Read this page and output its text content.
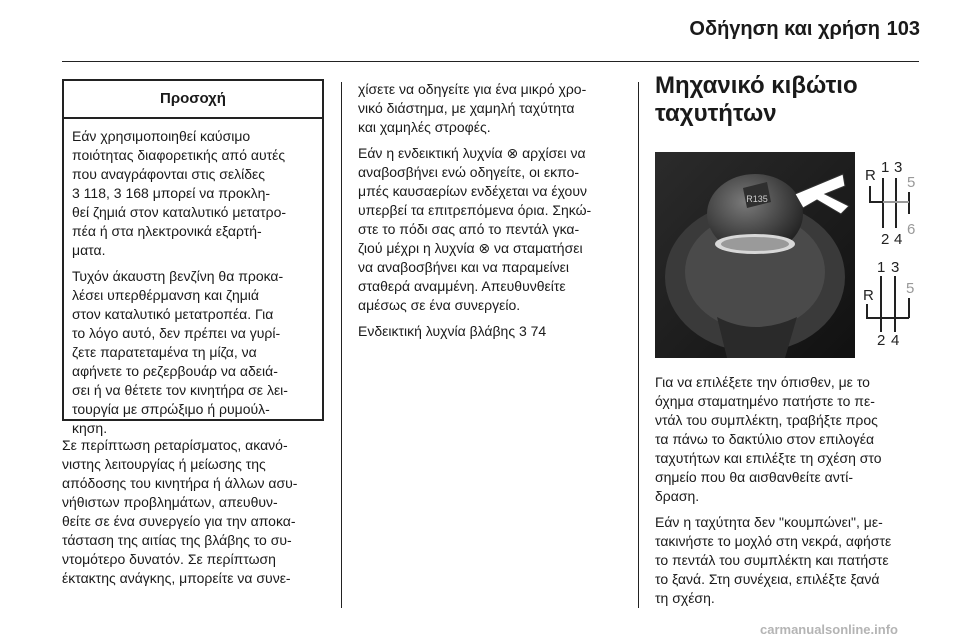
Οδήγηση και χρήση 103
Προσοχή

Εάν χρησιμοποιηθεί καύσιμο
ποιότητας διαφορετικής από αυτές
που αναγράφονται στις σελίδες
3 118, 3 168 μπορεί να προκλη-
θεί ζημιά στον καταλυτικό μετατρο-
πέα ή στα ηλεκτρονικά εξαρτή-
ματα.

Τυχόν άκαυστη βενζίνη θα προκα-
λέσει υπερθέρμανση και ζημιά
στον καταλυτικό μετατροπέα. Για
το λόγο αυτό, δεν πρέπει να γυρί-
ζετε παρατεταμένα τη μίζα, να
αφήνετε το ρεζερβουάρ να αδειά-
σει ή να θέτετε τον κινητήρα σε λει-
τουργία με σπρώξιμο ή ρυμούλ-
κηση.

Σε περίπτωση ρεταρίσματος, ακανό-
νιστης λειτουργίας ή μείωσης της
απόδοσης του κινητήρα ή άλλων ασυ-
νήθιστων προβλημάτων, απευθυν-
θείτε σε ένα συνεργείο για την αποκα-
τάσταση της αιτίας της βλάβης το συ-
ντομότερο δυνατόν. Σε περίπτωση
έκτακτης ανάγκης, μπορείτε να συνε-

χίσετε να οδηγείτε για ένα μικρό χρο-
νικό διάστημα, με χαμηλή ταχύτητα
και χαμηλές στροφές.

Εάν η ενδεικτική λυχνία ⊗ αρχίσει να
αναβοσβήνει ενώ οδηγείτε, οι εκπο-
μπές καυσαερίων ενδέχεται να έχουν
υπερβεί τα επιτρεπόμενα όρια. Σηκώ-
στε το πόδι σας από το πεντάλ γκα-
ζιού μέχρι η λυχνία ⊗ να σταματήσει
να αναβοσβήνει και να παραμείνει
σταθερά αναμμένη. Απευθυνθείτε
αμέσως σε ένα συνεργείο.

Ενδεικτική λυχνία βλάβης 3 74

Μηχανικό κιβώτιο
ταχυτήτων
R135
R 1 3
5
2 4
6
R
1 3
5
2 4

Για να επιλέξετε την όπισθεν, με το
όχημα σταματημένο πατήστε το πε-
ντάλ του συμπλέκτη, τραβήξτε προς
τα πάνω το δακτύλιο στον επιλογέα
ταχυτήτων και επιλέξτε τη σχέση στο
σημείο που θα αισθανθείτε αντί-
δραση.

Εάν η ταχύτητα δεν "κουμπώνει", με-
τακινήστε το μοχλό στη νεκρά, αφήστε
το πεντάλ του συμπλέκτη και πατήστε
το ξανά. Στη συνέχεια, επιλέξτε ξανά
τη σχέση.

carmanualsonline.info
